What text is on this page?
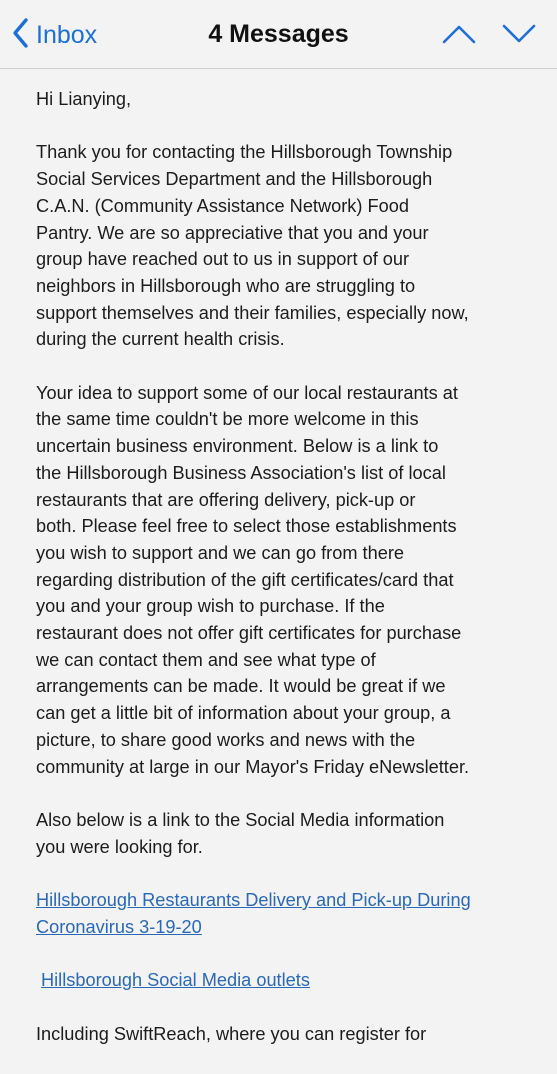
Inbox	4 Messages

Hi Lianying,

Thank you for contacting the Hillsborough Township
Social Services Department and the Hillsborough
C.A.N. (Community Assistance Network) Food
Pantry. We are so appreciative that you and your
group have reached out to us in support of our
neighbors in Hillsborough who are struggling to
support themselves and their families, especially now,
during the current health crisis.

Your idea to support some of our local restaurants at
the same time couldn't be more welcome in this
uncertain business environment. Below is a link to
the Hillsborough Business Association's list of local
restaurants that are offering delivery, pick-up or
both. Please feel free to select those establishments
you wish to support and we can go from there
regarding distribution of the gift certificates/card that
you and your group wish to purchase. If the
restaurant does not offer gift certificates for purchase
we can contact them and see what type of
arrangements can be made. It would be great if we
can get a little bit of information about your group, a
picture, to share good works and news with the
community at large in our Mayor's Friday eNewsletter.

Also below is a link to the Social Media information
you were looking for.

Hillsborough Restaurants Delivery and Pick-up During
Coronavirus 3-19-20

Hillsborough Social Media outlets

Including SwiftReach, where you can register for
